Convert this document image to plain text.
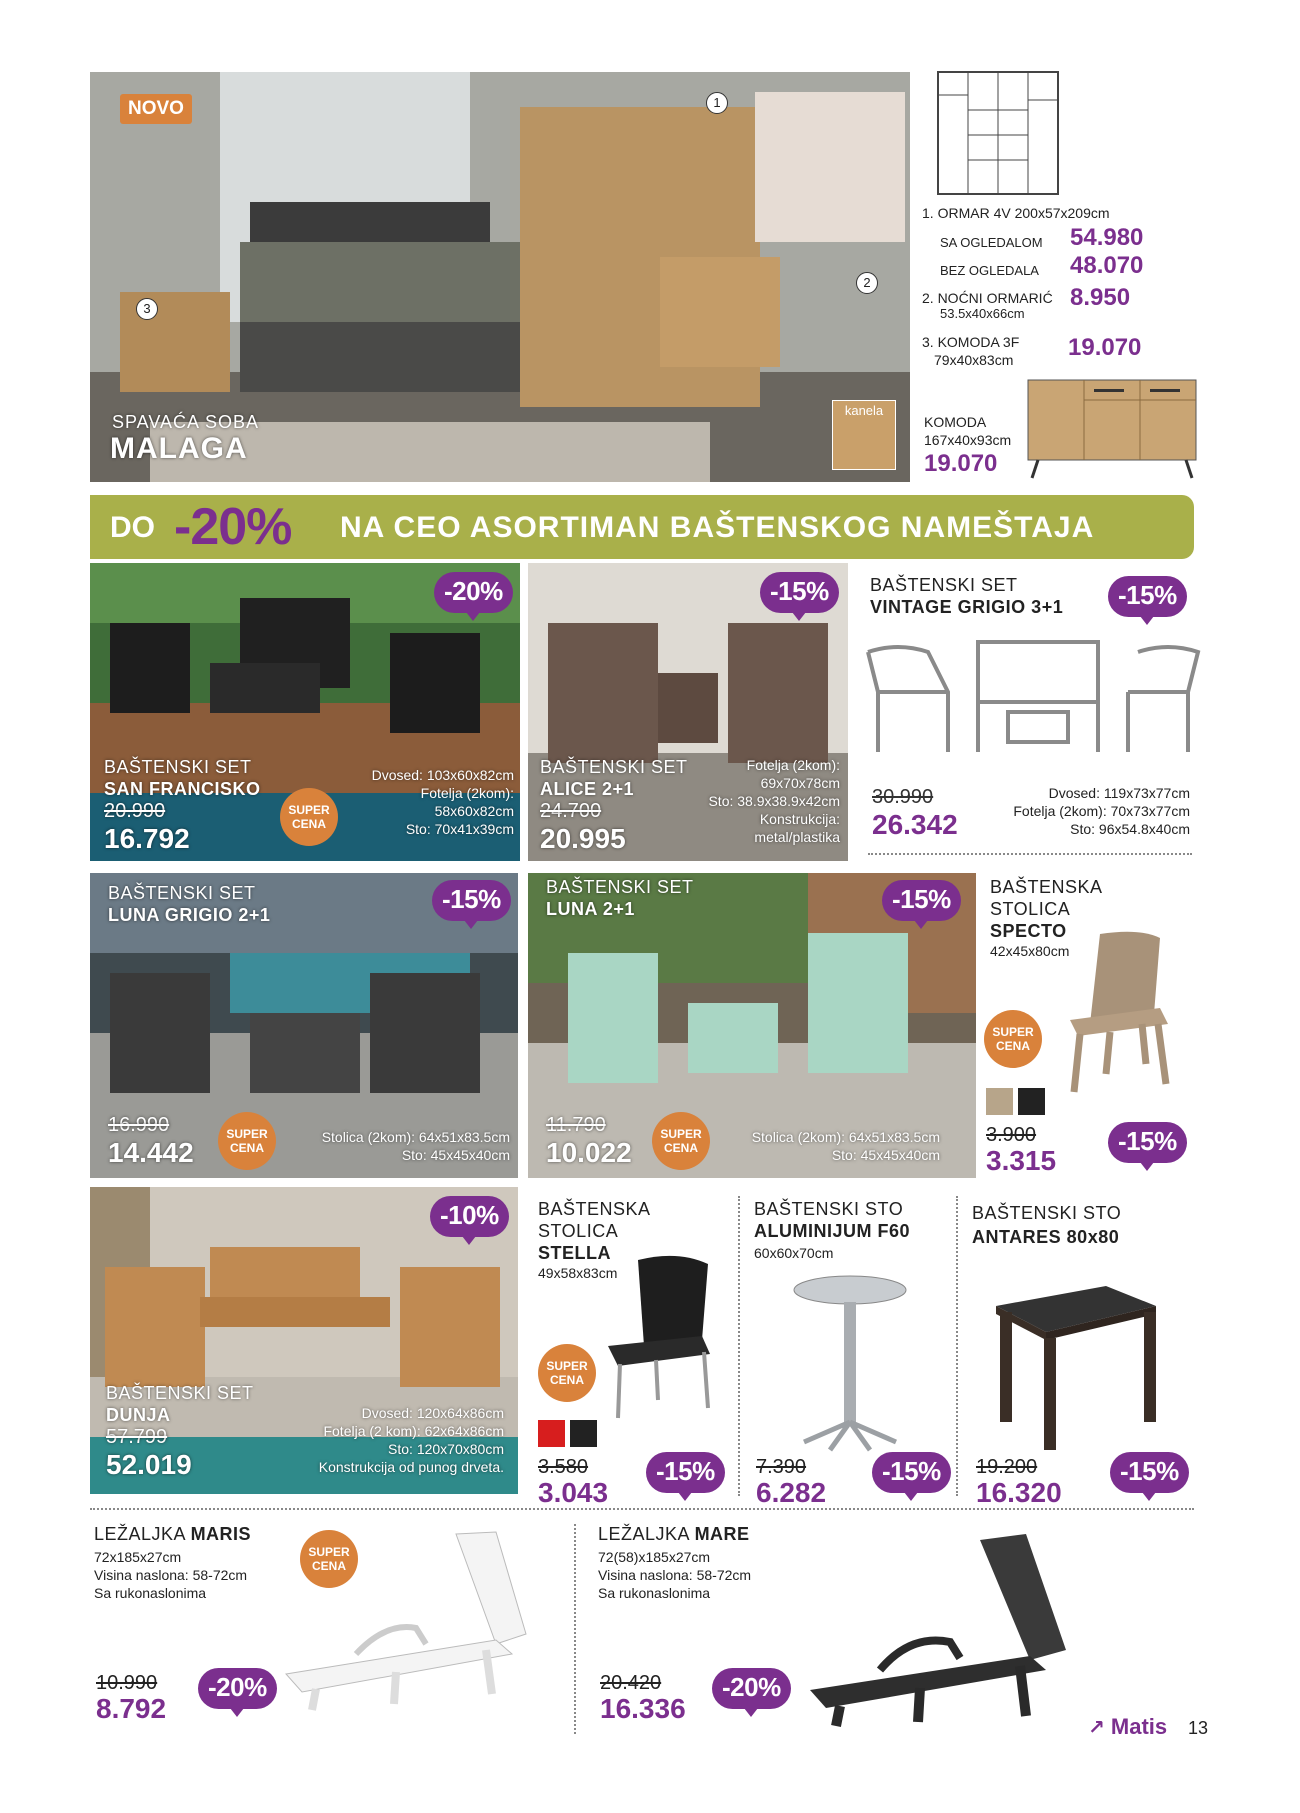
NOVO	1
2
3
SPAVAĆA SOBA
MALAGA
kanela
1. ORMAR 4V 200x57x209cm
SA OGLEDALOM 54.980
BEZ OGLEDALA 48.070
2. NOĆNI ORMARIĆ
53.5x40x66cm
8.950
3. KOMODA 3F
79x40x83cm 19.070
KOMODA
167x40x93cm
19.070
DO -20% NA CEO ASORTIMAN BAŠTENSKOG NAMEŠTAJA
-20%
BAŠTENSKI SET
SAN FRANCISKO
20.990
16.792
SUPER
CENA
Dvosed: 103x60x82cm
Fotelja (2kom):
58x60x82cm
Sto: 70x41x39cm
-15%
BAŠTENSKI SET
ALICE 2+1
24.700
20.995
Fotelja (2kom):
69x70x78cm
Sto: 38.9x38.9x42cm
Konstrukcija:
metal/plastika
BAŠTENSKI SET
VINTAGE GRIGIO 3+1	-15%
30.990
26.342
Dvosed: 119x73x77cm
Fotelja (2kom): 70x73x77cm
Sto: 96x54.8x40cm
-15%
BAŠTENSKI SET
LUNA GRIGIO 2+1
16.990
14.442
SUPER
CENA
Stolica (2kom): 64x51x83.5cm
Sto: 45x45x40cm
-15%
BAŠTENSKI SET
LUNA 2+1
11.790
10.022
SUPER
CENA
Stolica (2kom): 64x51x83.5cm
Sto: 45x45x40cm
BAŠTENSKA
STOLICA
SPECTO
42x45x80cm
SUPER
CENA
3.900
3.315
-15%
-10%
BAŠTENSKI SET
DUNJA
57.799
52.019
Dvosed: 120x64x86cm
Fotelja (2 kom): 62x64x86cm
Sto: 120x70x80cm
Konstrukcija od punog drveta.
BAŠTENSKA
STOLICA
STELLA
49x58x83cm
SUPER
CENA
3.580
3.043
-15%
BAŠTENSKI STO
ALUMINIJUM F60
60x60x70cm
7.390
6.282
-15%
BAŠTENSKI STO
ANTARES 80x80
19.200
16.320
-15%
LEŽALJKA MARIS
72x185x27cm
Visina naslona: 58-72cm
Sa rukonaslonima
SUPER
CENA
10.990
8.792
-20%
LEŽALJKA MARE
72(58)x185x27cm
Visina naslona: 58-72cm
Sa rukonaslonima
20.420
16.336
-20%
↗ Matis 13
